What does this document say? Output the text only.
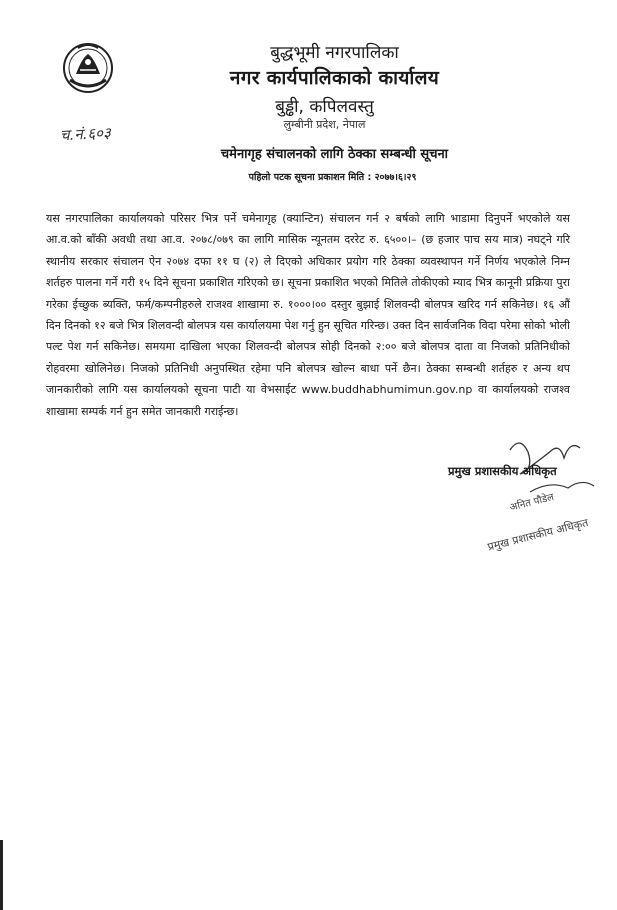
च.नं.६०३
बुद्धभूमी नगरपालिका
नगर कार्यपालिकाको कार्यालय
बुड्ढी, कपिलवस्तु
लुम्बीनी प्रदेश, नेपाल
चमेनागृह संचालनको लागि ठेक्का सम्बन्धी सूचना
पहिलो पटक सूचना प्रकाशन मिति : २०७७।६।२९

यस नगरपालिका कार्यालयको परिसर भित्र पर्ने चमेनागृह (क्यान्टिन) संचालन गर्न २ बर्षको लागि भाडामा दिनुपर्ने भएकोले यस आ.व.को बाँकी अवधी तथा आ.व. २०७८/०७९ का लागि मासिक न्यूनतम दररेट रु. ६५००।– (छ हजार पाच सय मात्र) नघट्ने गरि स्थानीय सरकार संचालन ऐन २०७४ दफा ११ घ (२) ले दिएको अधिकार प्रयोग गरि ठेक्का व्यवस्थापन गर्ने निर्णय भएकोले निम्न शर्तहरु पालना गर्ने गरी १५ दिने सूचना प्रकाशित गरिएको छ। सूचना प्रकाशित भएको मितिले तोकीएको म्याद भित्र कानूनी प्रक्रिया पुरा गरेका ईच्छुक ब्यक्ति, फर्म/कम्पनीहरुले राजश्व शाखामा रु. १०००।०० दस्तुर बुझाई शिलवन्दी बोलपत्र खरिद गर्न सकिनेछ। १६ औं दिन दिनको १२ बजे भित्र शिलवन्दी बोलपत्र यस कार्यालयमा पेश गर्नु हुन सूचित गरिन्छ। उक्त दिन सार्वजनिक विदा परेमा सोको भोली पल्ट पेश गर्न सकिनेछ। समयमा दाखिला भएका शिलवन्दी बोलपत्र सोही दिनको २:०० बजे बोलपत्र दाता वा निजको प्रतिनिधीको रोहवरमा खोलिनेछ। निजको प्रतिनिधी अनुपस्थित रहेमा पनि बोलपत्र खोल्न बाधा पर्ने छैन। ठेक्का सम्बन्धी शर्तहरु र अन्य थप जानकारीको लागि यस कार्यालयको सूचना पाटी या वेभसाईट www.buddhabhumimun.gov.np वा कार्यालयको राजश्व शाखामा सम्पर्क गर्न हुन समेत जानकारी गराईन्छ।

प्रमुख प्रशासकीय अधिकृत
अनित पौडेल
प्रमुख प्रशासकीय अधिकृत
